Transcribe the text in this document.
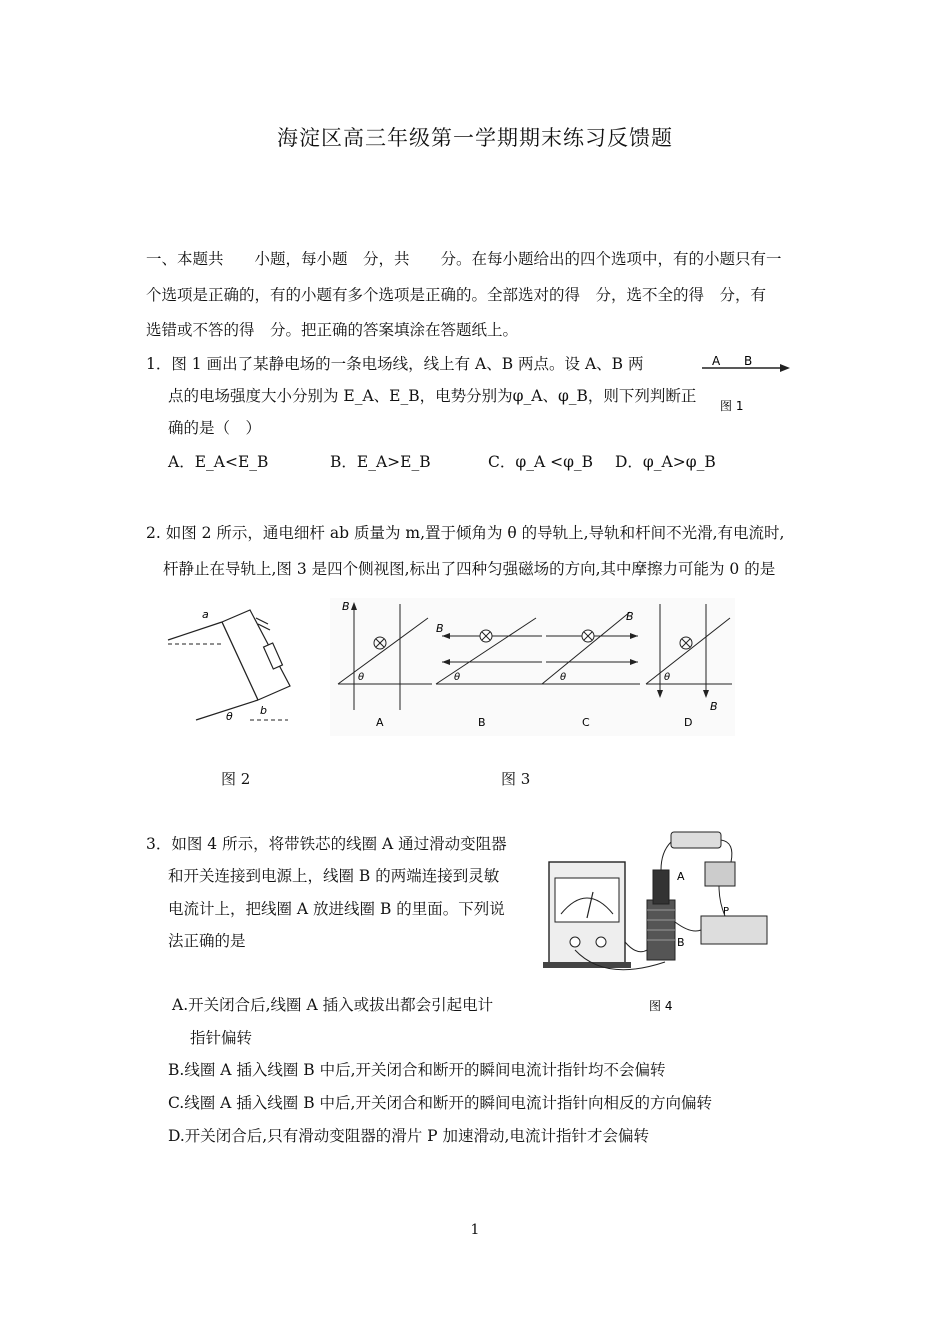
海淀区高三年级第一学期期末练习反馈题
一、本题共　　小题，每小题　分，共　　分。在每小题给出的四个选项中，有的小题只有一
个选项是正确的，有的小题有多个选项是正确的。全部选对的得　分，选不全的得　分，有
选错或不答的得　分。把正确的答案填涂在答题纸上。
1．图 1 画出了某静电场的一条电场线，线上有 A、B 两点。设 A、B 两
点的电场强度大小分别为 E_A、E_B，电势分别为φ_A、φ_B，则下列判断正
确的是（　）
A．E_A<E_B	B．E_A>E_B	C．φ_A <φ_B D．φ_A>φ_B
A B
图 1
2. 如图 2 所示，通电细杆 ab 质量为 m,置于倾角为 θ 的导轨上,导轨和杆间不光滑,有电流时,
杆静止在导轨上,图 3 是四个侧视图,标出了四种匀强磁场的方向,其中摩擦力可能为 0 的是
a
b
θ
B
θ
A
B
θ
B
B
θ
C
B
θ
D
图 2	图 3
3．如图 4 所示，将带铁芯的线圈 A 通过滑动变阻器
和开关连接到电源上，线圈 B 的两端连接到灵敏
电流计上，把线圈 A 放进线圈 B 的里面。下列说
法正确的是
A
B
P
图 4
A.开关闭合后,线圈 A 插入或拔出都会引起电计
指针偏转
B.线圈 A 插入线圈 B 中后,开关闭合和断开的瞬间电流计指针均不会偏转
C.线圈 A 插入线圈 B 中后,开关闭合和断开的瞬间电流计指针向相反的方向偏转
D.开关闭合后,只有滑动变阻器的滑片 P 加速滑动,电流计指针才会偏转
1
